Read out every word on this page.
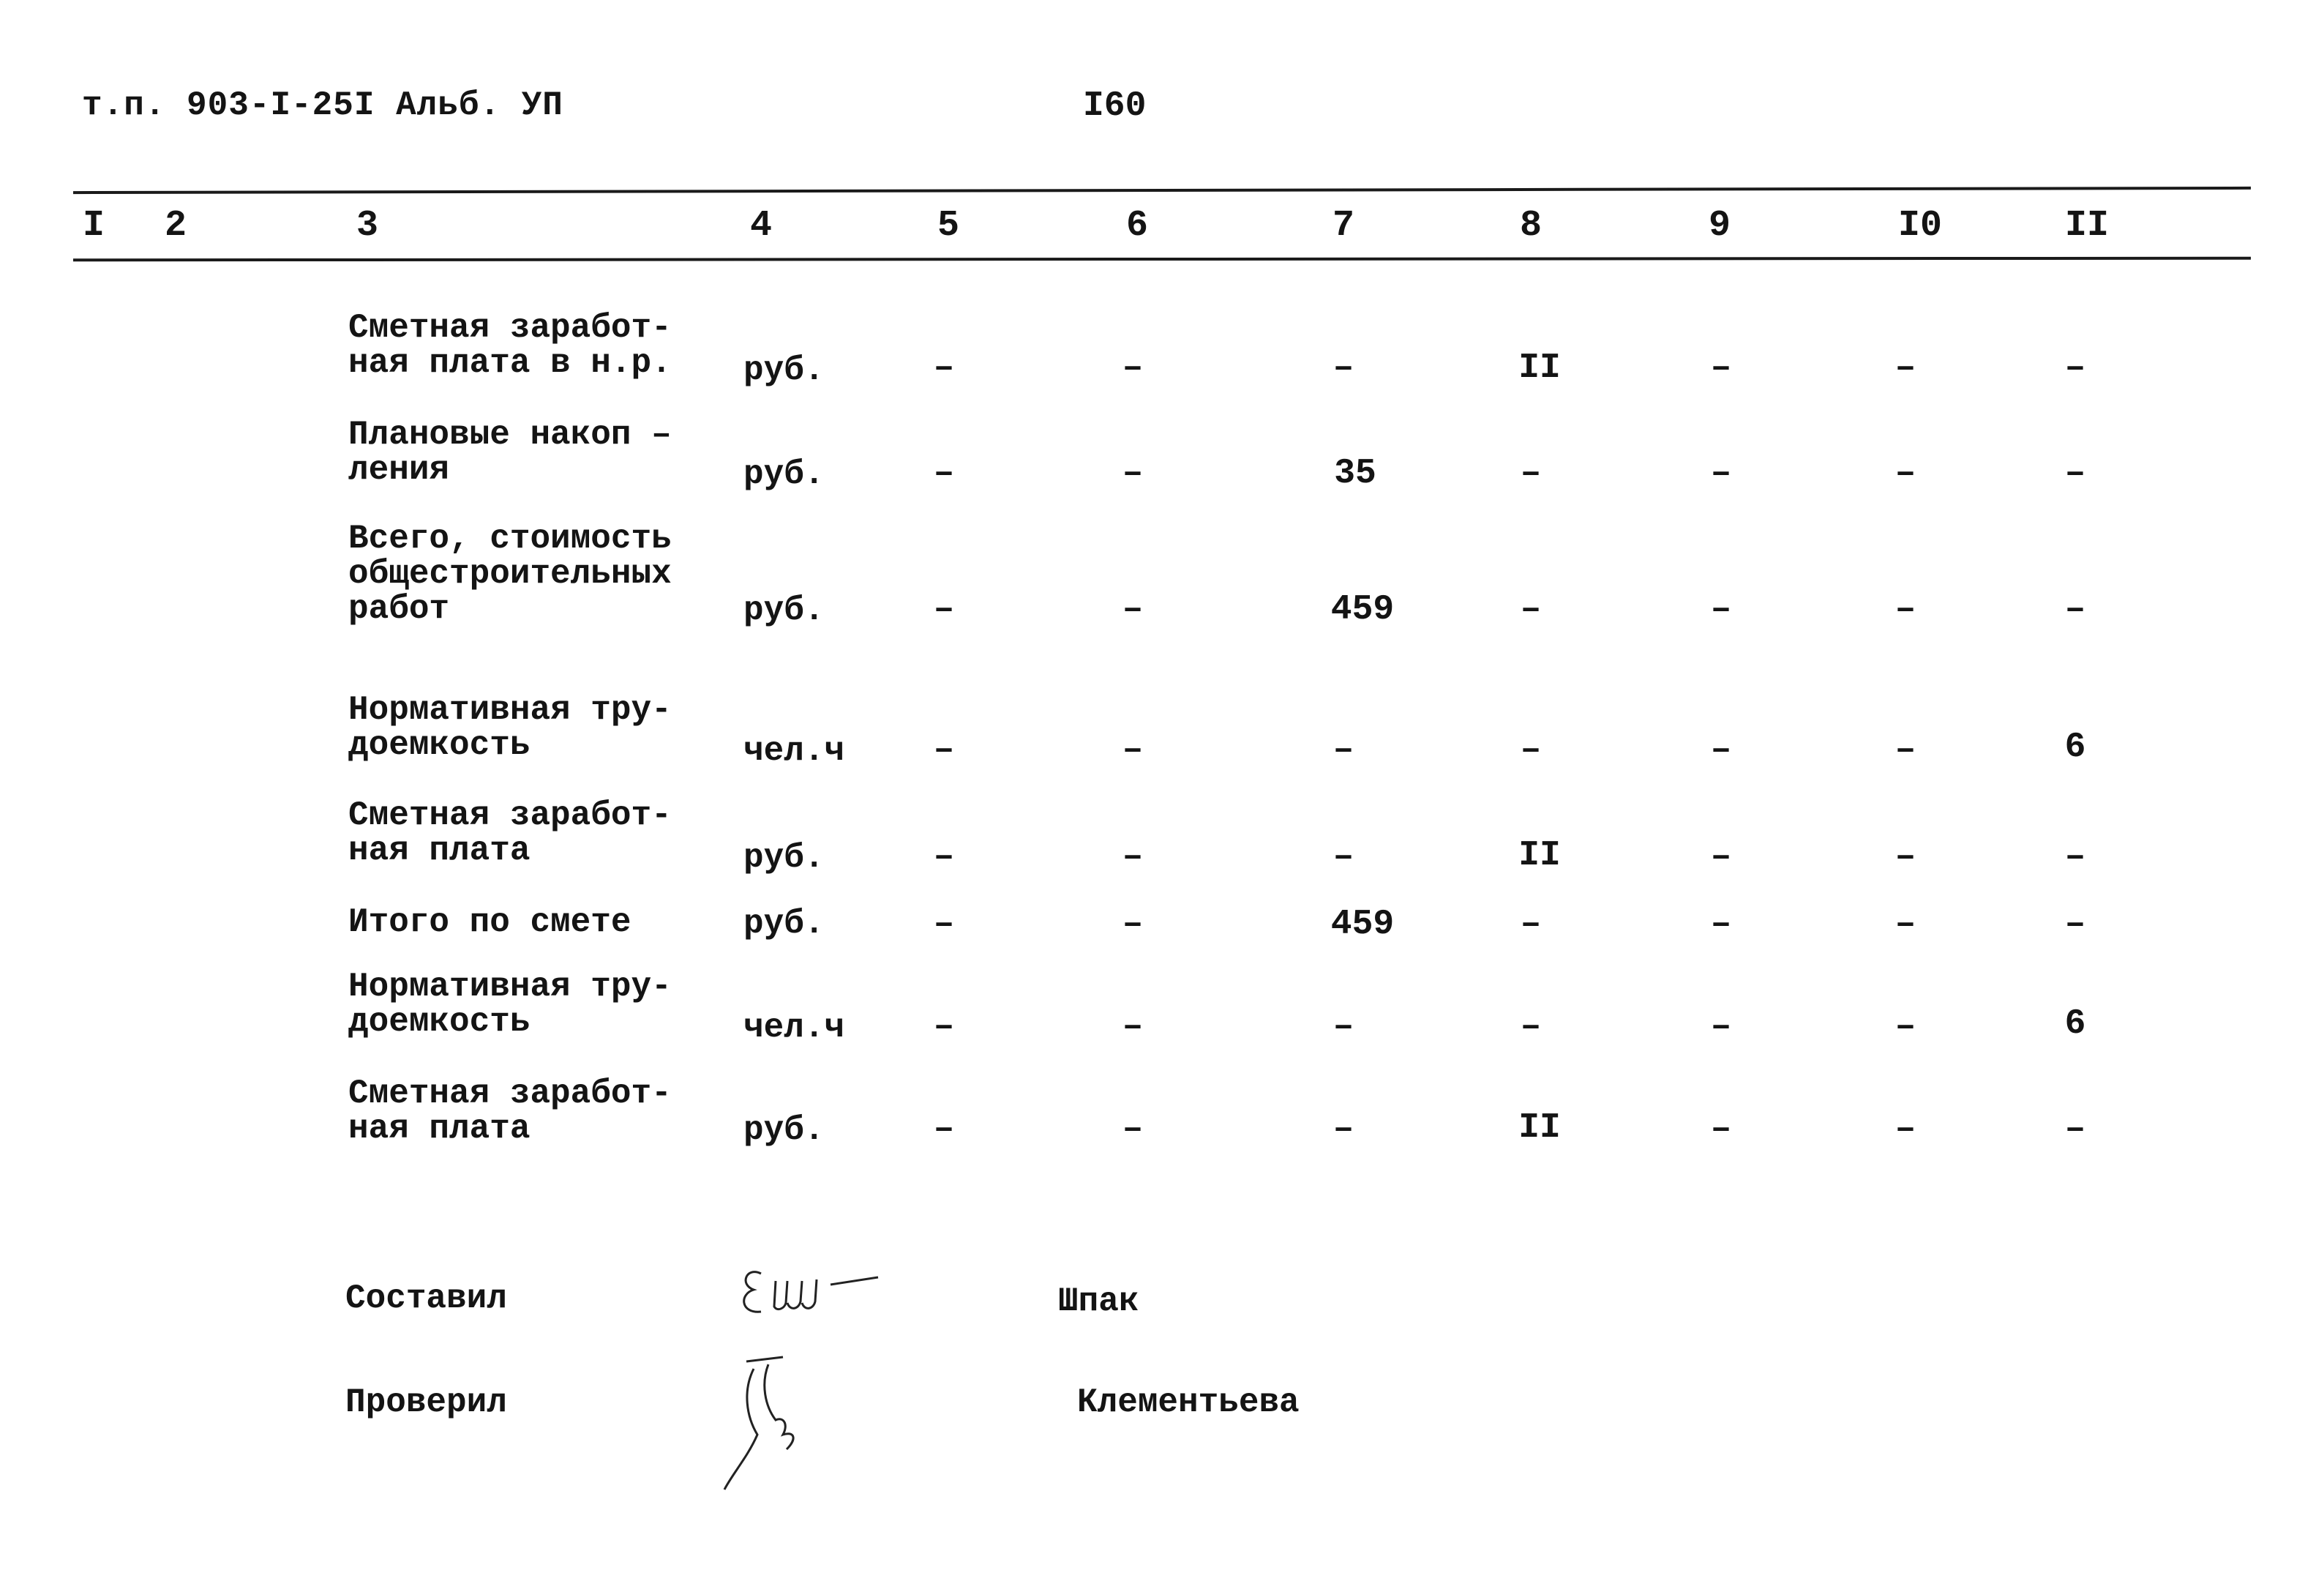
т.п. 903-I-25I Альб. УП	I60
I	2	3	4	5	6	7	8	9	I0	II
Сметная заработ-
ная плата в н.р. руб.	–	–	–	II	–	–	–
Плановые накоп –
ления	руб.	–	–	35	–	–	–	–
Всего, стоимость
общестроительных
работ	руб.	–	–	459	–	–	–	–
Нормативная тру-
доемкость	чел.ч	–	–	–	–	–	–	6
Сметная заработ-
ная плата	руб.	–	–	–	II	–	–	–
Итого по смете	руб.	–	–	459	–	–	–	–
Нормативная тру-
доемкость	чел.ч	–	–	–	–	–	–	6
Сметная заработ-
ная плата	руб.	–	–	–	II	–	–	–
Составил	Шпак
Проверил	Клементьева
